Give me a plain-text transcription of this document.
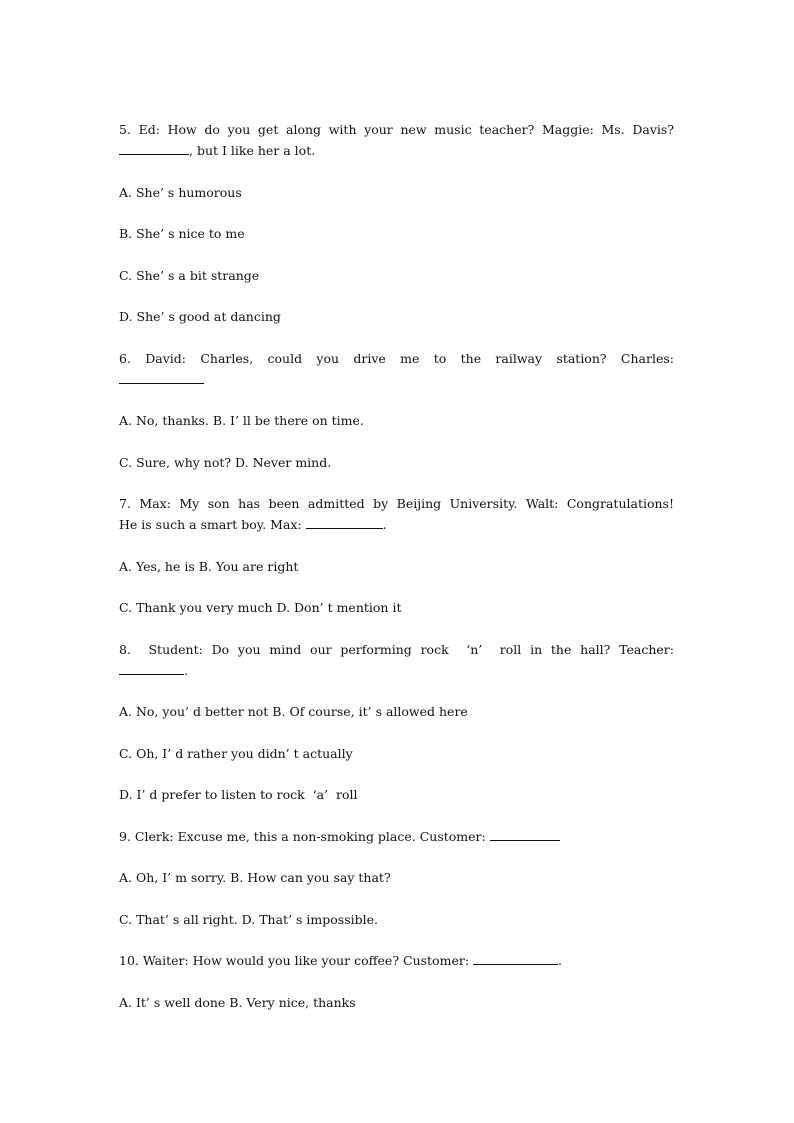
5. Ed: How do you get along with your new music teacher? Maggie: Ms. Davis?

, but I like her a lot.

A. She’ s humorous

B. She’ s nice to me

C. She’ s a bit strange

D. She’ s good at dancing

6.  David:  Charles,  could  you  drive  me  to  the  railway  station?  Charles:

A. No, thanks. B. I’ ll be there on time.

C. Sure, why not? D. Never mind.

7. Max: My son has been admitted by Beijing University. Walt: Congratulations!

He is such a smart boy. Max:	.

A. Yes, he is B. You are right

C. Thank you very much D. Don’ t mention it

8.  Student: Do you mind our performing rock  ‘n’  roll in the hall? Teacher:

.

A. No, you’ d better not B. Of course, it’ s allowed here

C. Oh, I’ d rather you didn’ t actually

D. I’ d prefer to listen to rock  ‘a’  roll

9. Clerk: Excuse me, this a non-smoking place. Customer:

A. Oh, I’ m sorry. B. How can you say that?

C. That’ s all right. D. That’ s impossible.

10. Waiter: How would you like your coffee? Customer:	.

A. It’ s well done B. Very nice, thanks
